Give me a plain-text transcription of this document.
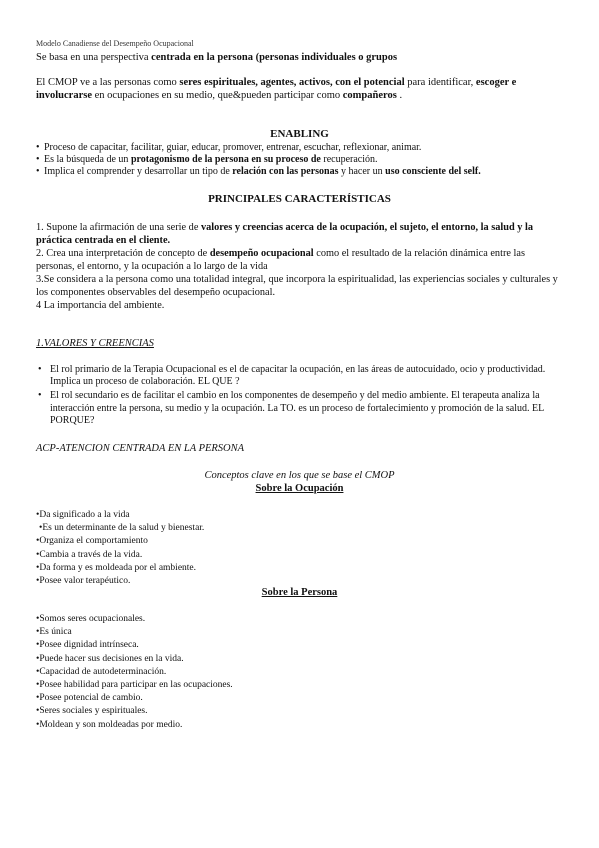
Modelo Canadiense del Desempeño Ocupacional
Se basa en una perspectiva centrada en la persona (personas individuales o grupos
El CMOP ve a las personas como seres espirituales, agentes, activos, con el potencial para identificar, escoger e involucrarse en ocupaciones en su medio, que&pueden participar como compañeros .
ENABLING
• Proceso de capacitar, facilitar, guiar, educar, promover, entrenar, escuchar, reflexionar, animar.
• Es la búsqueda de un protagonismo de la persona en su proceso de recuperación.
• Implica el comprender y desarrollar un tipo de relación con las personas y hacer un uso consciente del self.
PRINCIPALES CARACTERÍSTICAS
1. Supone la afirmación de una serie de valores y creencias acerca de la ocupación, el sujeto, el entorno, la salud y la práctica centrada en el cliente.
2. Crea una interpretación de concepto de desempeño ocupacional como el resultado de la relación dinámica entre las personas, el entorno, y la ocupación a lo largo de la vida
3.Se considera a la persona como una totalidad integral, que incorpora la espiritualidad, las experiencias sociales y culturales y los componentes observables del desempeño ocupacional.
4 La importancia del ambiente.
1.VALORES Y CREENCIAS
• El rol primario de la Terapia Ocupacional es el de capacitar la ocupación, en las áreas de autocuidado, ocio y productividad. Implica un proceso de colaboración. EL QUE ?
• El rol secundario es de facilitar el cambio en los componentes de desempeño y del medio ambiente. El terapeuta analiza la interacción entre la persona, su medio y la ocupación. La TO. es un proceso de fortalecimiento y promoción de la salud. EL PORQUE?
ACP-ATENCION CENTRADA EN LA PERSONA
Conceptos clave en los que se base el CMOP
Sobre la Ocupación
• Da significado a la vida
• Es un determinante de la salud y bienestar.
• Organiza el comportamiento
• Cambia a través de la vida.
• Da forma y es moldeada por el ambiente.
• Posee valor terapéutico.
Sobre la Persona
• Somos seres ocupacionales.
• Es única
• Posee dignidad intrínseca.
• Puede hacer sus decisiones en la vida.
• Capacidad de autodeterminación.
• Posee habilidad para participar en las ocupaciones.
• Posee potencial de cambio.
• Seres sociales y espirituales.
• Moldean y son moldeadas por medio.
